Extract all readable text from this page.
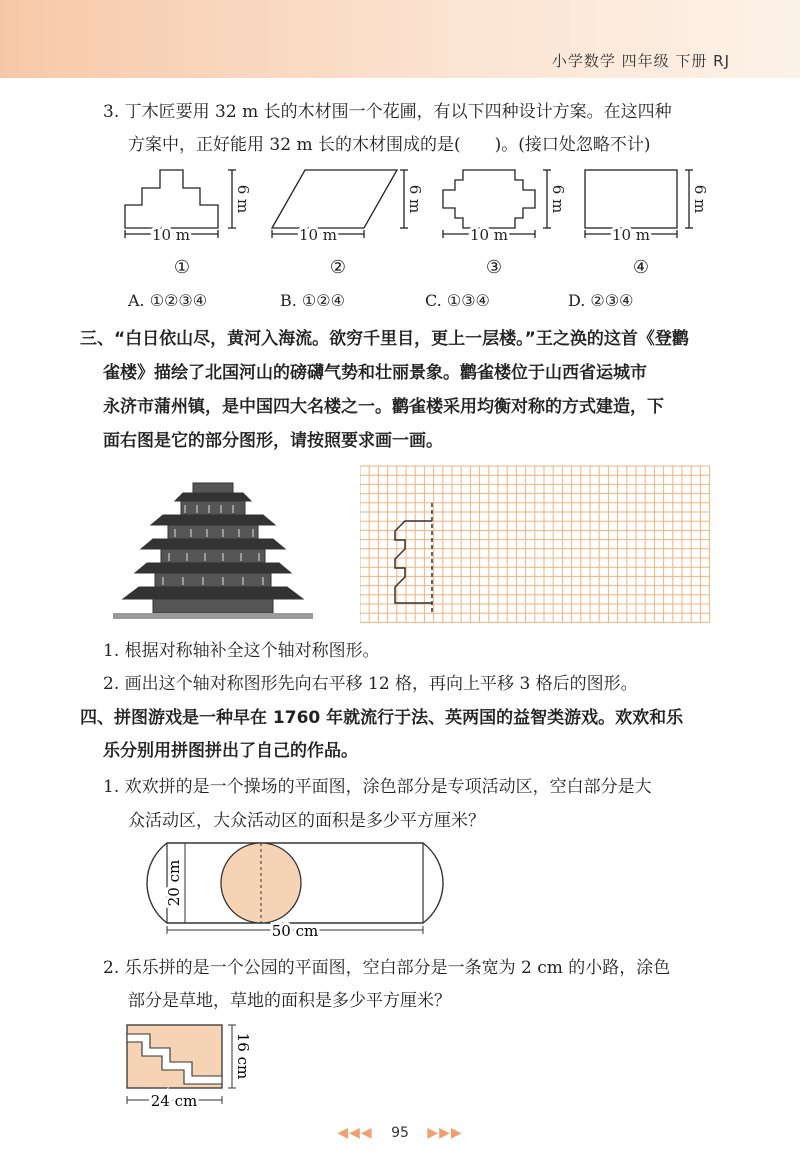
小学数学 四年级 下册 RJ
3. 丁木匠要用 32 m 长的木材围一个花圃，有以下四种设计方案。在这四种
方案中，正好能用 32 m 长的木材围成的是(　　)。(接口处忽略不计)
10 m	10 m	10 m	10 m
6 m	6 m	6 m	6 m
①	②	③	④
A. ①②③④	B. ①②④	C. ①③④	D. ②③④
三、“白日依山尽，黄河入海流。欲穷千里目，更上一层楼。”王之涣的这首《登鹳
雀楼》描绘了北国河山的磅礴气势和壮丽景象。鹳雀楼位于山西省运城市
永济市蒲州镇，是中国四大名楼之一。鹳雀楼采用均衡对称的方式建造，下
面右图是它的部分图形，请按照要求画一画。
1. 根据对称轴补全这个轴对称图形。
2. 画出这个轴对称图形先向右平移 12 格，再向上平移 3 格后的图形。
四、拼图游戏是一种早在 1760 年就流行于法、英两国的益智类游戏。欢欢和乐
乐分别用拼图拼出了自己的作品。
1. 欢欢拼的是一个操场的平面图，涂色部分是专项活动区，空白部分是大
众活动区，大众活动区的面积是多少平方厘米？
50 cm
20 cm
2. 乐乐拼的是一个公园的平面图，空白部分是一条宽为 2 cm 的小路，涂色
部分是草地，草地的面积是多少平方厘米？
24 cm
16 cm
◀◀◀ 95 ▶▶▶
